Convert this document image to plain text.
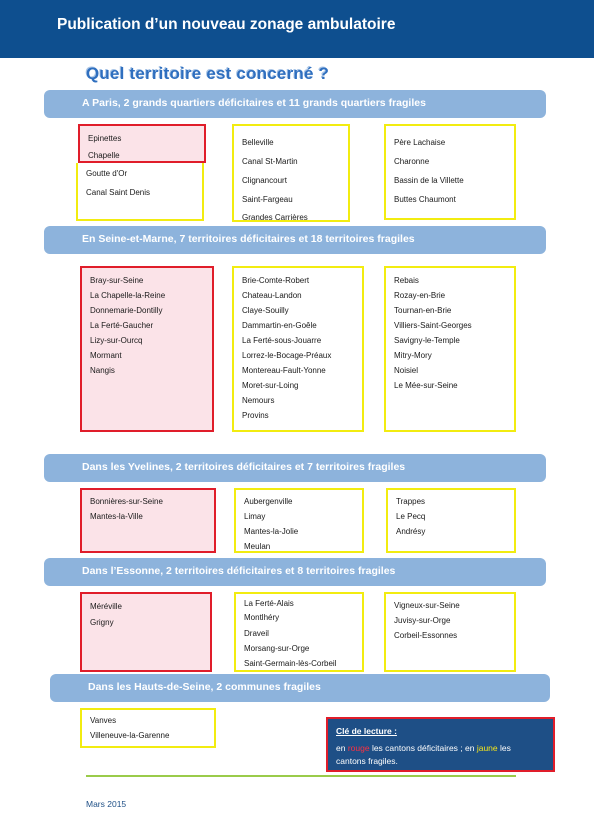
Publication d’un nouveau zonage ambulatoire
Quel territoire est concerné ?
A Paris, 2 grands quartiers déficitaires et 11 grands quartiers fragiles
Epinettes
Chapelle
Goutte d'Or
Canal Saint Denis
Belleville
Canal St-Martin
Clignancourt
Saint-Fargeau
Grandes Carrières
Père Lachaise
Charonne
Bassin de la Villette
Buttes Chaumont
En Seine-et-Marne, 7 territoires déficitaires et 18 territoires fragiles
Bray-sur-Seine
La Chapelle-la-Reine
Donnemarie-Dontilly
La Ferté-Gaucher
Lizy-sur-Ourcq
Mormant
Nangis
Brie-Comte-Robert
Chateau-Landon
Claye-Souilly
Dammartin-en-Goêle
La Ferté-sous-Jouarre
Lorrez-le-Bocage-Préaux
Montereau-Fault-Yonne
Moret-sur-Loing
Nemours
Provins
Rebais
Rozay-en-Brie
Tournan-en-Brie
Villiers-Saint-Georges
Savigny-le-Temple
Mitry-Mory
Noisiel
Le Mée-sur-Seine
Dans les Yvelines, 2 territoires déficitaires et 7 territoires fragiles
Bonnières-sur-Seine
Mantes-la-Ville
Aubergenville
Limay
Mantes-la-Jolie
Meulan
Trappes
Le Pecq
Andrésy
Dans l’Essonne, 2 territoires déficitaires et 8 territoires fragiles
Méréville
Grigny
La Ferté-Alais
Montlhéry
Draveil
Morsang-sur-Orge
Saint-Germain-lès-Corbeil
Vigneux-sur-Seine
Juvisy-sur-Orge
Corbeil-Essonnes
Dans les Hauts-de-Seine, 2 communes fragiles
Vanves
Villeneuve-la-Garenne	Clé de lecture :
en rouge les cantons déficitaires ; en jaune les
cantons fragiles.
Mars 2015
